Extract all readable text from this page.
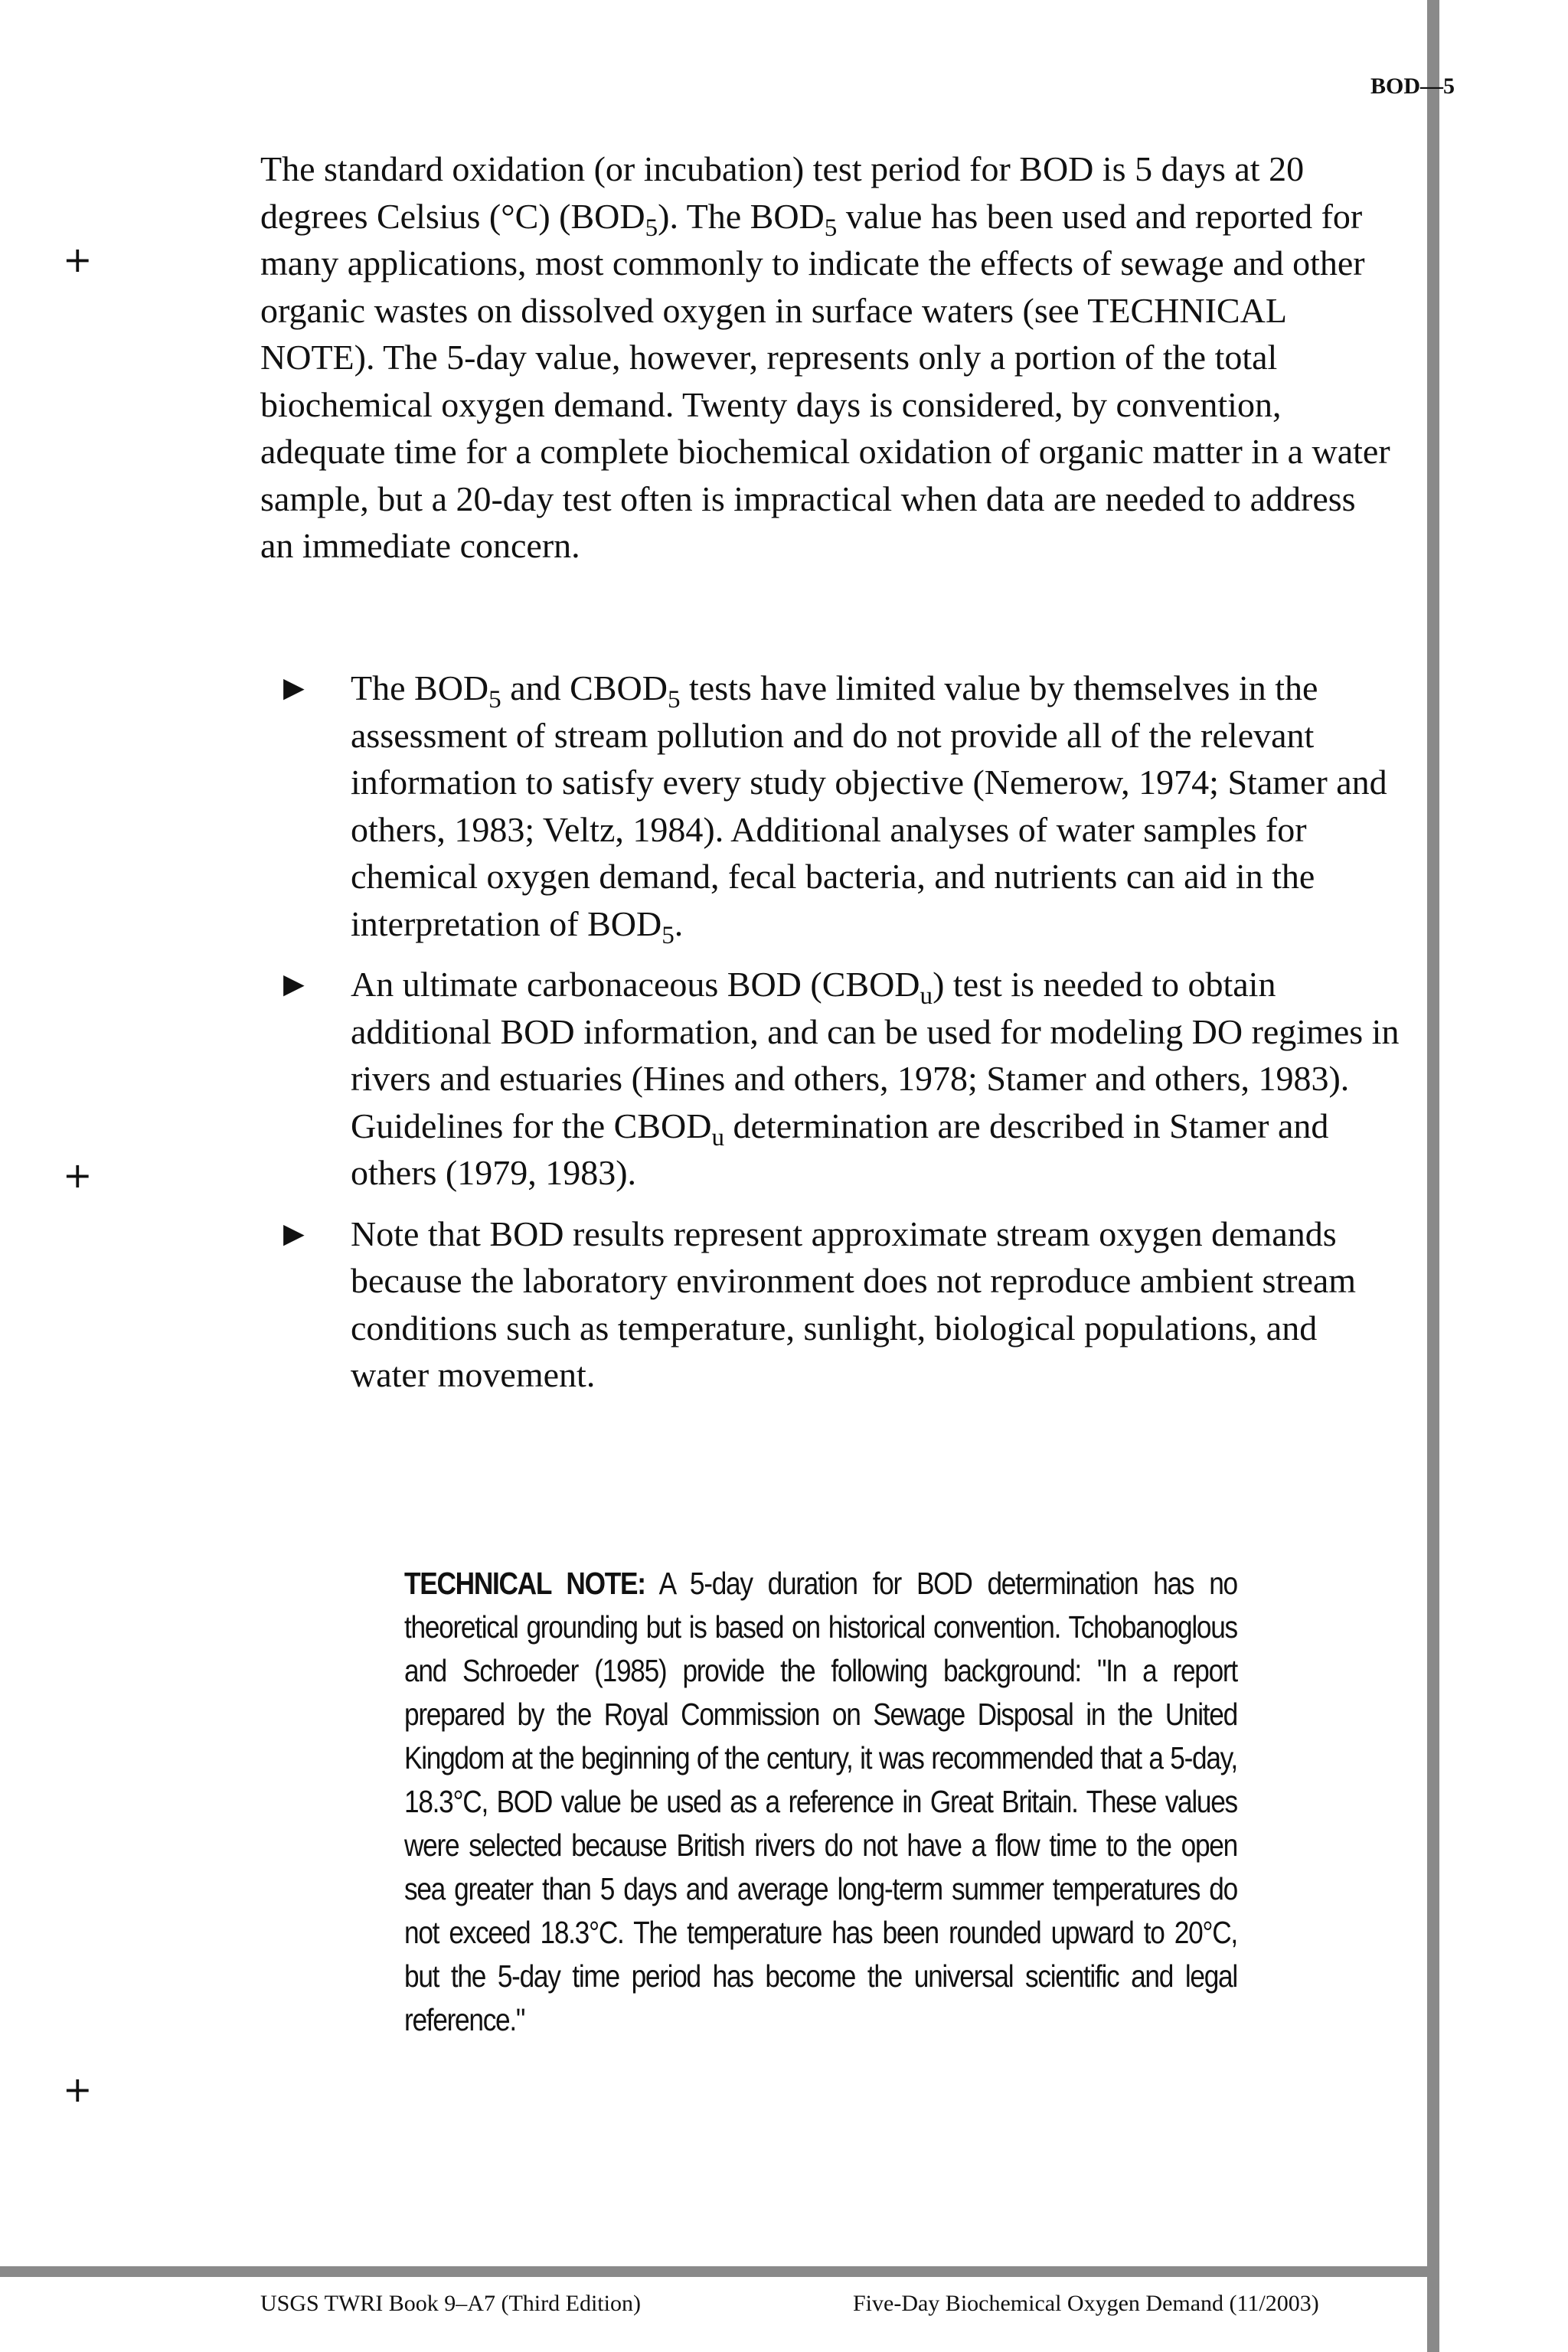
BOD—5
+
+
+

The standard oxidation (or incubation) test period for BOD is 5 days at 20 degrees Celsius (°C) $(BOD_5)$. The $BOD_5$ value has been used and reported for many applications, most commonly to indicate the effects of sewage and other organic wastes on dissolved oxygen in surface waters (see TECHNICAL NOTE). The 5-day value, however, represents only a portion of the total biochemical oxygen demand. Twenty days is considered, by convention, adequate time for a complete biochemical oxidation of organic matter in a water sample, but a 20-day test often is impractical when data are needed to address an immediate concern.

▶ The $BOD_5$ and $CBOD_5$ tests have limited value by themselves in the assessment of stream pollution and do not provide all of the relevant information to satisfy every study objective (Nemerow, 1974; Stamer and others, 1983; Veltz, 1984). Additional analyses of water samples for chemical oxygen demand, fecal bacteria, and nutrients can aid in the interpretation of $BOD_5$.
▶ An ultimate carbonaceous BOD $(CBOD_u)$ test is needed to obtain additional BOD information, and can be used for modeling DO regimes in rivers and estuaries (Hines and others, 1978; Stamer and others, 1983). Guidelines for the $CBOD_u$ determination are described in Stamer and others (1979, 1983).
▶ Note that BOD results represent approximate stream oxygen demands because the laboratory environment does not reproduce ambient stream conditions such as temperature, sunlight, biological populations, and water movement.

TECHNICAL NOTE: A 5-day duration for BOD determination has no theoretical grounding but is based on historical convention. Tchobanoglous and Schroeder (1985) provide the following background: "In a report prepared by the Royal Commission on Sewage Disposal in the United Kingdom at the beginning of the century, it was recommended that a 5-day, 18.3°C, BOD value be used as a reference in Great Britain. These values were selected because British rivers do not have a flow time to the open sea greater than 5 days and average long-term summer temperatures do not exceed 18.3°C. The temperature has been rounded upward to 20°C, but the 5-day time period has become the universal scientific and legal reference."

USGS TWRI Book 9–A7 (Third Edition)	Five-Day Biochemical Oxygen Demand (11/2003)
